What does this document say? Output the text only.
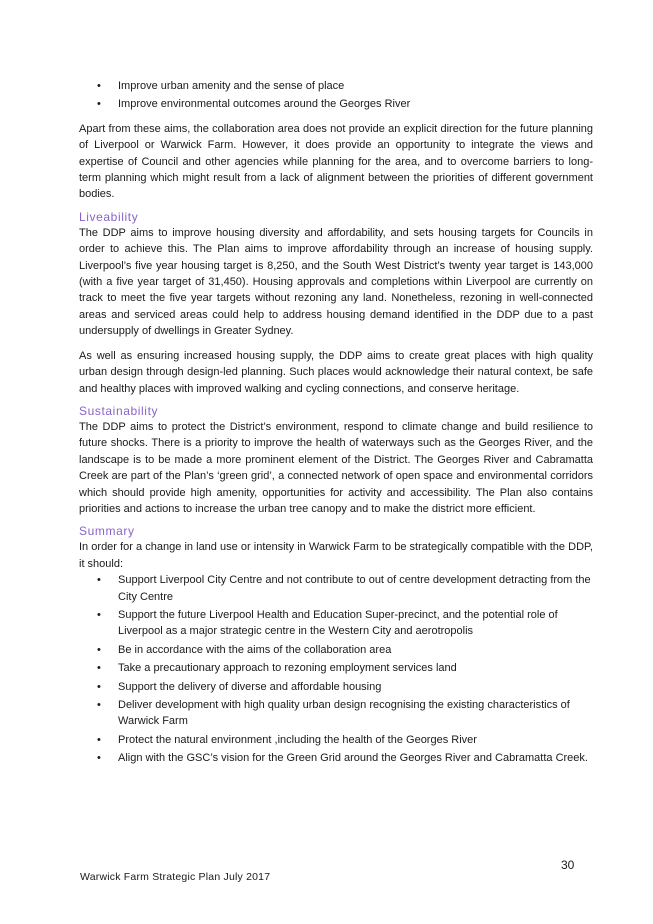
• Improve urban amenity and the sense of place
• Improve environmental outcomes around the Georges River

Apart from these aims, the collaboration area does not provide an explicit direction for the future planning of Liverpool or Warwick Farm. However, it does provide an opportunity to integrate the views and expertise of Council and other agencies while planning for the area, and to overcome barriers to long-term planning which might result from a lack of alignment between the priorities of different government bodies.

Liveability

The DDP aims to improve housing diversity and affordability, and sets housing targets for Councils in order to achieve this. The Plan aims to improve affordability through an increase of housing supply. Liverpool’s five year housing target is 8,250, and the South West District’s twenty year target is 143,000 (with a five year target of 31,450). Housing approvals and completions within Liverpool are currently on track to meet the five year targets without rezoning any land. Nonetheless, rezoning in well-connected areas and serviced areas could help to address housing demand identified in the DDP due to a past undersupply of dwellings in Greater Sydney.

As well as ensuring increased housing supply, the DDP aims to create great places with high quality urban design through design-led planning. Such places would acknowledge their natural context, be safe and healthy places with improved walking and cycling connections, and conserve heritage.

Sustainability

The DDP aims to protect the District’s environment, respond to climate change and build resilience to future shocks. There is a priority to improve the health of waterways such as the Georges River, and the landscape is to be made a more prominent element of the District. The Georges River and Cabramatta Creek are part of the Plan’s ‘green grid’, a connected network of open space and environmental corridors which should provide high amenity, opportunities for activity and accessibility. The Plan also contains priorities and actions to increase the urban tree canopy and to make the district more efficient.

Summary

In order for a change in land use or intensity in Warwick Farm to be strategically compatible with the DDP, it should:

• Support Liverpool City Centre and not contribute to out of centre development detracting from the City Centre
• Support the future Liverpool Health and Education Super-precinct, and the potential role of Liverpool as a major strategic centre in the Western City and aerotropolis
• Be in accordance with the aims of the collaboration area
• Take a precautionary approach to rezoning employment services land
• Support the delivery of diverse and affordable housing
• Deliver development with high quality urban design recognising the existing characteristics of Warwick Farm
• Protect the natural environment ,including the health of the Georges River
• Align with the GSC’s vision for the Green Grid around the Georges River and Cabramatta Creek.
30
Warwick Farm Strategic Plan July 2017
